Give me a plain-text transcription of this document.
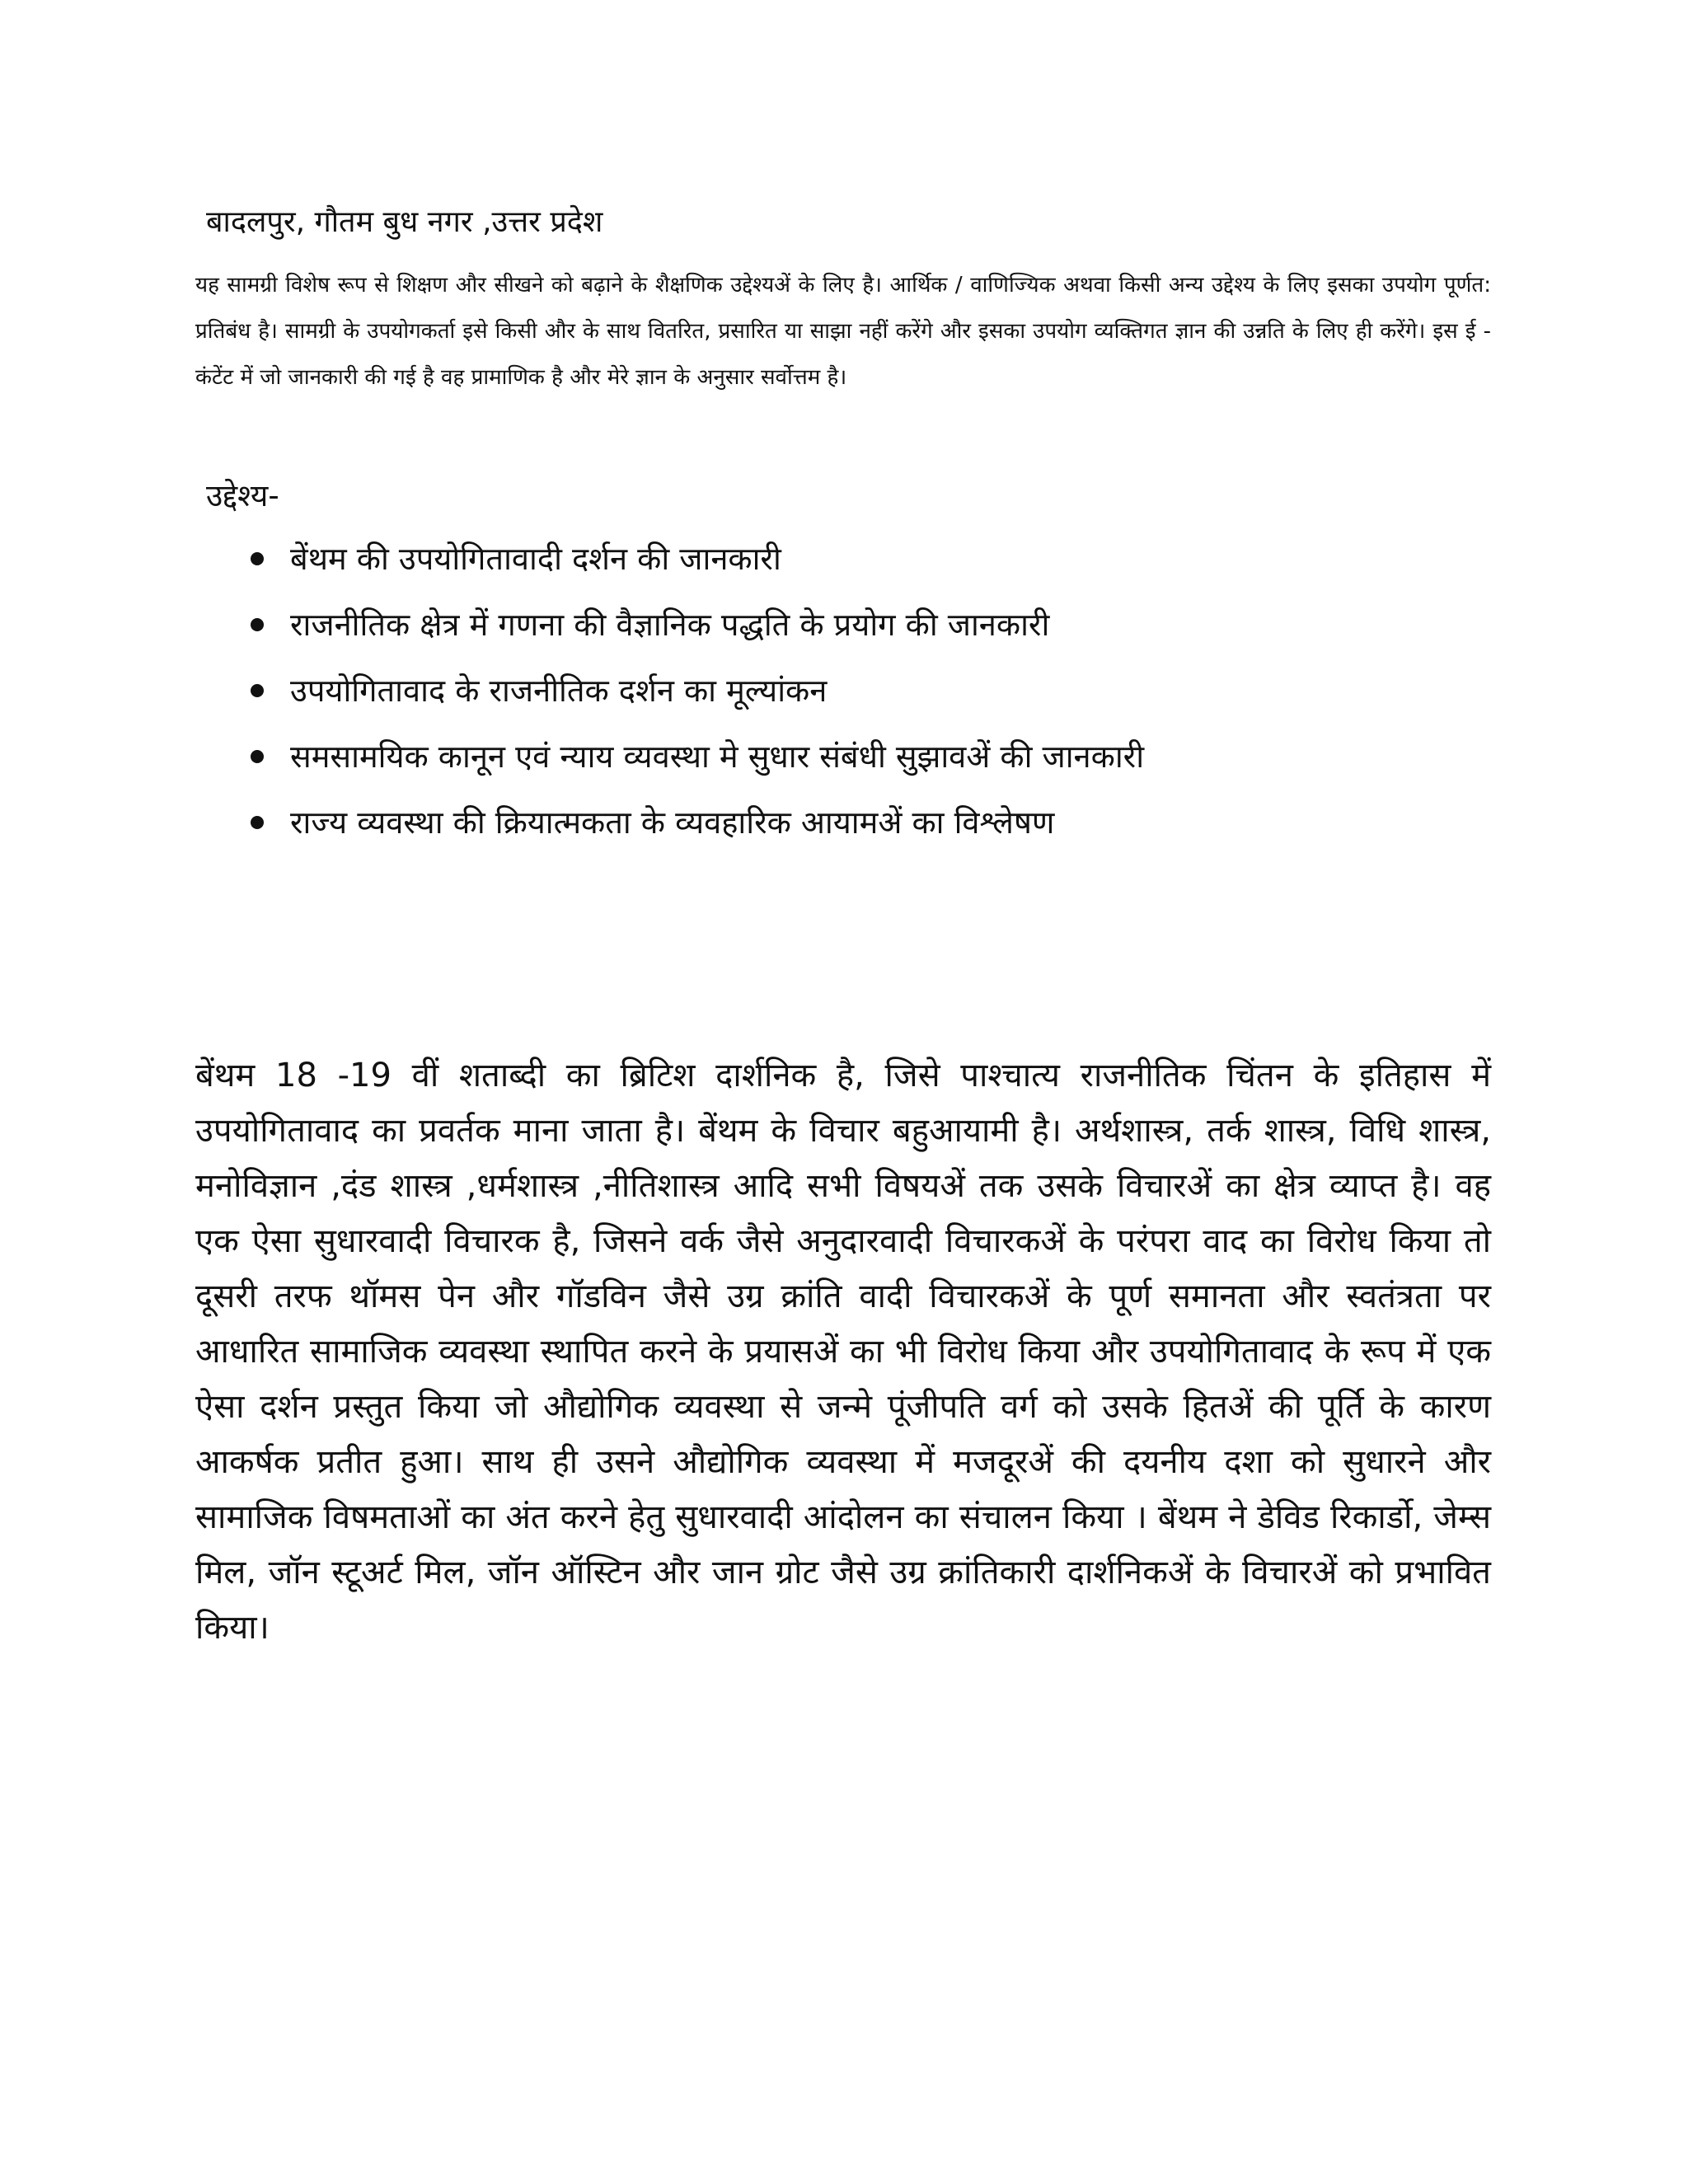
बादलपुर, गौतम बुध नगर ,उत्तर प्रदेश
यह सामग्री विशेष रूप से शिक्षण और सीखने को बढ़ाने के शैक्षणिक उद्देश्यअें के लिए है। आर्थिक / वाणिज्यिक अथवा किसी अन्य उद्देश्य के लिए इसका उपयोग पूर्णत: प्रतिबंध है। सामग्री के उपयोगकर्ता इसे किसी और के साथ वितरित, प्रसारित या साझा नहीं करेंगे और इसका उपयोग व्यक्तिगत ज्ञान की उन्नति के लिए ही करेंगे। इस ई - कंटेंट में जो जानकारी की गई है वह प्रामाणिक है और मेरे ज्ञान के अनुसार सर्वोत्तम है।
उद्देश्य-
बेंथम की उपयोगितावादी दर्शन की जानकारी
राजनीतिक क्षेत्र में गणना की वैज्ञानिक पद्धति के प्रयोग की जानकारी
उपयोगितावाद के राजनीतिक दर्शन का मूल्यांकन
समसामयिक कानून एवं न्याय व्यवस्था मे सुधार संबंधी सुझावअें की जानकारी
राज्य व्यवस्था की क्रियात्मकता के व्यवहारिक आयामअें का विश्लेषण
बेंथम 18 -19 वीं शताब्दी का ब्रिटिश दार्शनिक है, जिसे पाश्चात्य राजनीतिक चिंतन के इतिहास में उपयोगितावाद का प्रवर्तक माना जाता है। बेंथम के विचार बहुआयामी है। अर्थशास्त्र, तर्क शास्त्र, विधि शास्त्र, मनोविज्ञान ,दंड शास्त्र ,धर्मशास्त्र ,नीतिशास्त्र आदि सभी विषयअें तक उसके विचारअें का क्षेत्र व्याप्त है। वह एक ऐसा सुधारवादी विचारक है, जिसने वर्क जैसे अनुदारवादी विचारकअें के परंपरा वाद का विरोध किया तो दूसरी तरफ थॉमस पेन और गॉडविन जैसे उग्र क्रांति वादी विचारकअें के पूर्ण समानता और स्वतंत्रता पर आधारित सामाजिक व्यवस्था स्थापित करने के प्रयासअें का भी विरोध किया और उपयोगितावाद के रूप में एक ऐसा दर्शन प्रस्तुत किया जो औद्योगिक व्यवस्था से जन्मे पूंजीपति वर्ग को उसके हितअें की पूर्ति के कारण आकर्षक प्रतीत हुआ। साथ ही उसने औद्योगिक व्यवस्था में मजदूरअें की दयनीय दशा को सुधारने और सामाजिक विषमताओं का अंत करने हेतु सुधारवादी आंदोलन का संचालन किया । बेंथम ने डेविड रिकार्डो, जेम्स मिल, जॉन स्टूअर्ट मिल, जॉन ऑस्टिन और जान ग्रोट जैसे उग्र क्रांतिकारी दार्शनिकअें के विचारअें को प्रभावित किया।
